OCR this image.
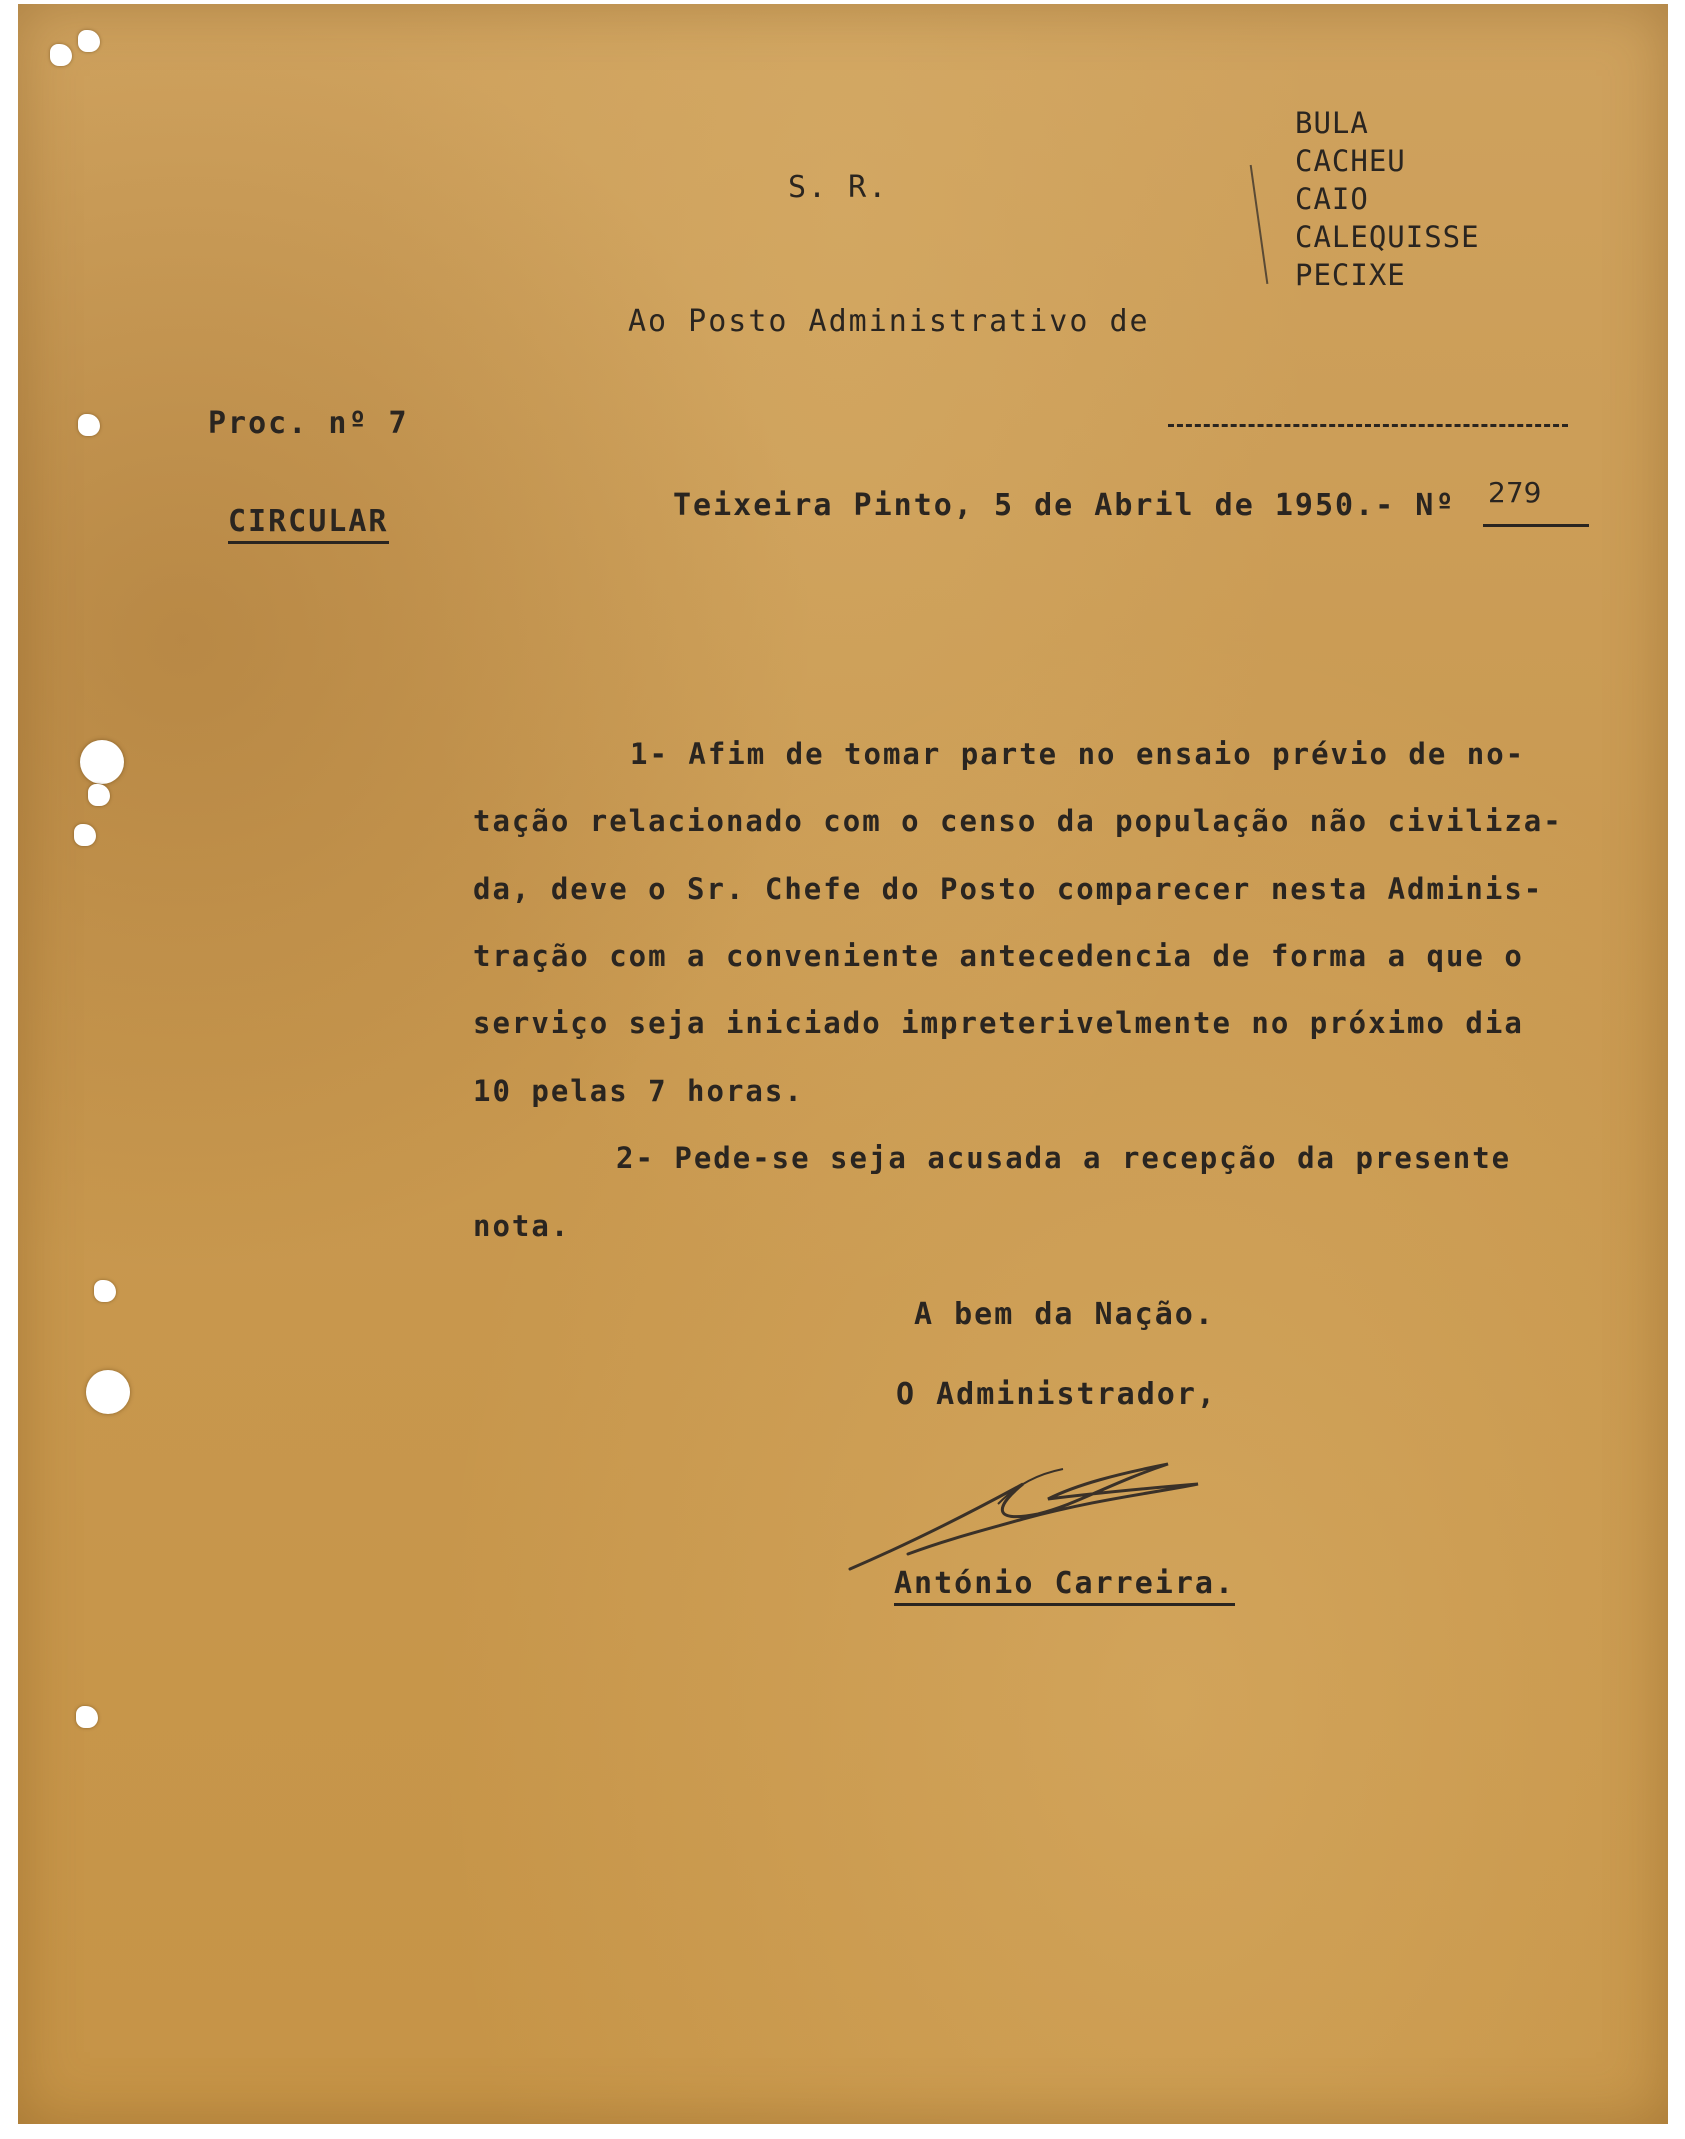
S. R.
Ao Posto Administrativo de
BULA
CACHEU
CAIO
CALEQUISSE
PECIXE
Proc. nº 7
CIRCULAR	Teixeira Pinto, 5 de Abril de 1950.- Nº 279
1- Afim de tomar parte no ensaio prévio de no-
tação relacionado com o censo da população não civiliza-
da, deve o Sr. Chefe do Posto comparecer nesta Adminis-
tração com a conveniente antecedencia de forma a que o
serviço seja iniciado impreterivelmente no próximo dia
10 pelas 7 horas.
2- Pede-se seja acusada a recepção da presente
nota.
A bem da Nação.
O Administrador,
António Carreira.
